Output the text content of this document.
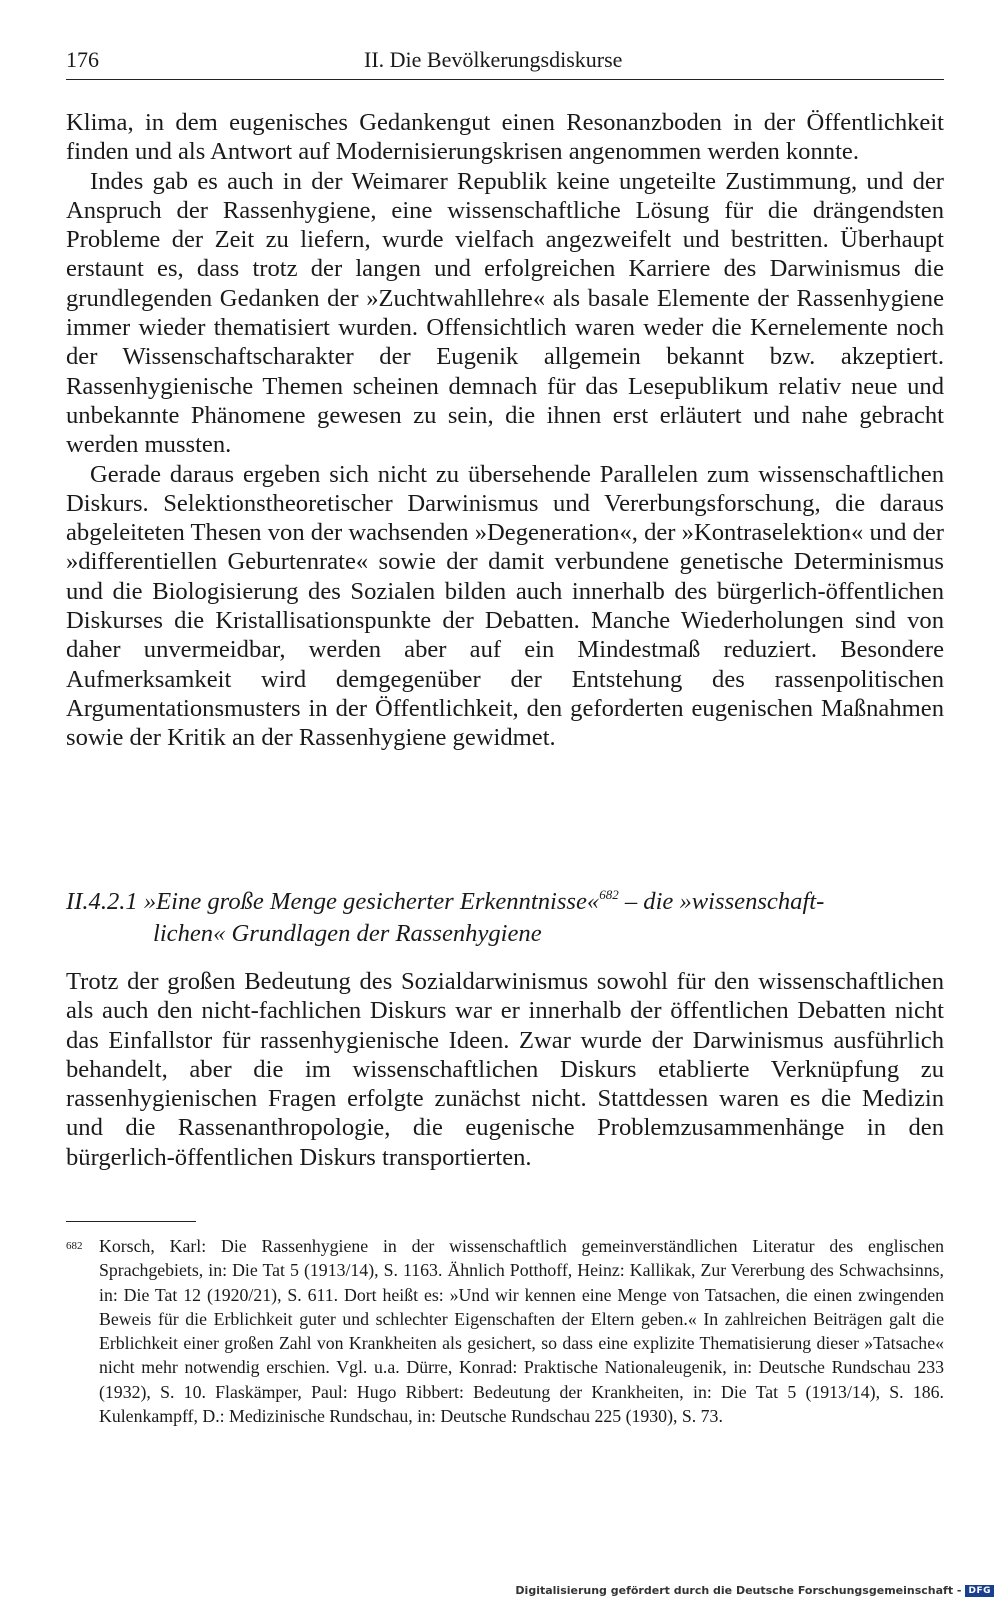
176	II. Die Bevölkerungsdiskurse

Klima, in dem eugenisches Gedankengut einen Resonanzboden in der Öffentlichkeit finden und als Antwort auf Modernisierungskrisen angenommen werden konnte.

Indes gab es auch in der Weimarer Republik keine ungeteilte Zustimmung, und der Anspruch der Rassenhygiene, eine wissenschaftliche Lösung für die drängendsten Probleme der Zeit zu liefern, wurde vielfach angezweifelt und bestritten. Überhaupt erstaunt es, dass trotz der langen und erfolgreichen Karriere des Darwinismus die grundlegenden Gedanken der »Zuchtwahllehre« als basale Elemente der Rassenhygiene immer wieder thematisiert wurden. Offensichtlich waren weder die Kernelemente noch der Wissenschaftscharakter der Eugenik allgemein bekannt bzw. akzeptiert. Rassenhygienische Themen scheinen demnach für das Lesepublikum relativ neue und unbekannte Phänomene gewesen zu sein, die ihnen erst erläutert und nahe gebracht werden mussten.

Gerade daraus ergeben sich nicht zu übersehende Parallelen zum wissenschaftlichen Diskurs. Selektionstheoretischer Darwinismus und Vererbungsforschung, die daraus abgeleiteten Thesen von der wachsenden »Degeneration«, der »Kontraselektion« und der »differentiellen Geburtenrate« sowie der damit verbundene genetische Determinismus und die Biologisierung des Sozialen bilden auch innerhalb des bürgerlich-öffentlichen Diskurses die Kristallisationspunkte der Debatten. Manche Wiederholungen sind von daher unvermeidbar, werden aber auf ein Mindestmaß reduziert. Besondere Aufmerksamkeit wird demgegenüber der Entstehung des rassenpolitischen Argumentationsmusters in der Öffentlichkeit, den geforderten eugenischen Maßnahmen sowie der Kritik an der Rassenhygiene gewidmet.

II.4.2.1 »Eine große Menge gesicherter Erkenntnisse«$^{682}$ – die »wissenschaft-
lichen« Grundlagen der Rassenhygiene

Trotz der großen Bedeutung des Sozialdarwinismus sowohl für den wissenschaftlichen als auch den nicht-fachlichen Diskurs war er innerhalb der öffentlichen Debatten nicht das Einfallstor für rassenhygienische Ideen. Zwar wurde der Darwinismus ausführlich behandelt, aber die im wissenschaftlichen Diskurs etablierte Verknüpfung zu rassenhygienischen Fragen erfolgte zunächst nicht. Stattdessen waren es die Medizin und die Rassenanthropologie, die eugenische Problemzusammenhänge in den bürgerlich-öffentlichen Diskurs transportierten.

682 Korsch, Karl: Die Rassenhygiene in der wissenschaftlich gemeinverständlichen Literatur des englischen Sprachgebiets, in: Die Tat 5 (1913/14), S. 1163. Ähnlich Potthoff, Heinz: Kallikak, Zur Vererbung des Schwachsinns, in: Die Tat 12 (1920/21), S. 611. Dort heißt es: »Und wir kennen eine Menge von Tatsachen, die einen zwingenden Beweis für die Erblichkeit guter und schlechter Eigenschaften der Eltern geben.« In zahlreichen Beiträgen galt die Erblichkeit einer großen Zahl von Krankheiten als gesichert, so dass eine explizite Thematisierung dieser »Tatsache« nicht mehr notwendig erschien. Vgl. u.a. Dürre, Konrad: Praktische Nationaleugenik, in: Deutsche Rundschau 233 (1932), S. 10. Flaskämper, Paul: Hugo Ribbert: Bedeutung der Krankheiten, in: Die Tat 5 (1913/14), S. 186. Kulenkampff, D.: Medizinische Rundschau, in: Deutsche Rundschau 225 (1930), S. 73.

Digitalisierung gefördert durch die Deutsche Forschungsgemeinschaft - DFG
